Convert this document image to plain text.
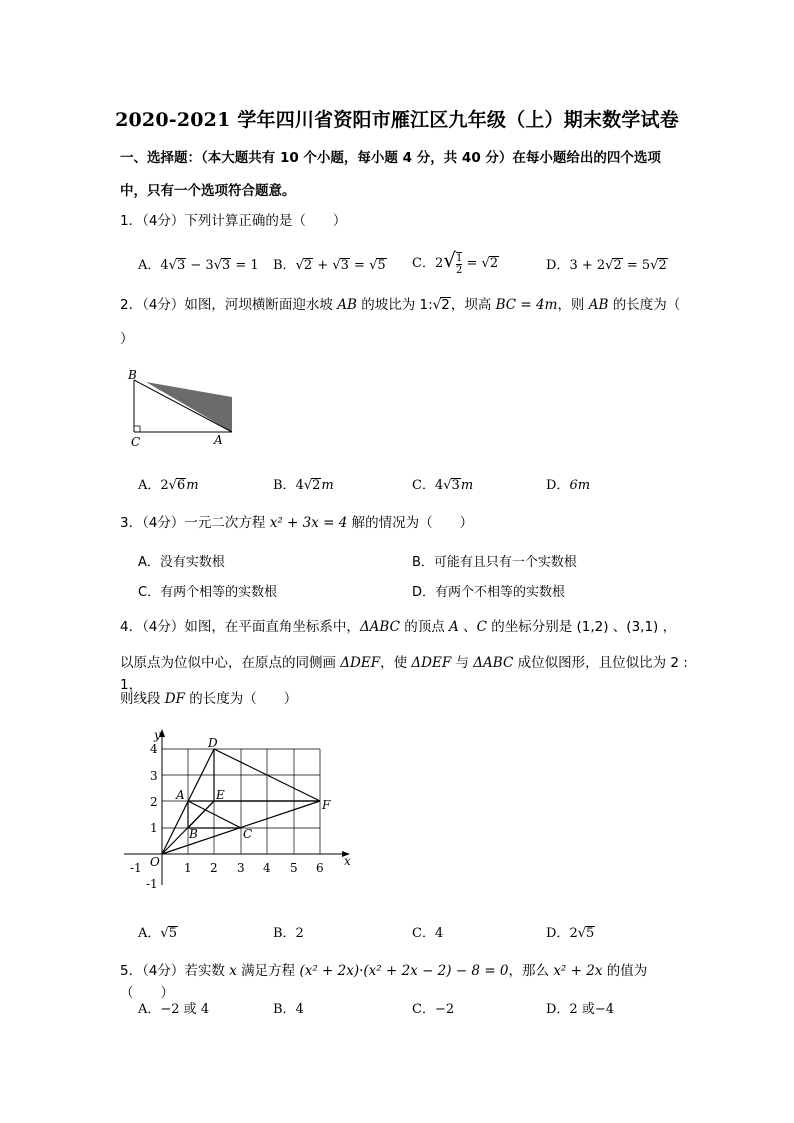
2020-2021 学年四川省资阳市雁江区九年级（上）期末数学试卷
一、选择题：（本大题共有 10 个小题，每小题 4 分，共 40 分）在每小题给出的四个选项
中，只有一个选项符合题意。
1．（4分）下列计算正确的是（　　）
A．4√3 − 3√3 = 1 B．√2 + √3 = √5 C．$2√ \frac{1}{2} = √2$	D．3 + 2√2 = 5√2
2．（4分）如图，河坝横断面迎水坡 AB 的坡比为 1:√2，坝高 BC = 4m，则 AB 的长度为（
）
B
C	A
A．2√6m	B．4√2m	C．4√3m	D．6m
3．（4分）一元二次方程 x² + 3x = 4 解的情况为（　　）
A．没有实数根	B．可能有且只有一个实数根
C．有两个相等的实数根	D．有两个不相等的实数根
4．（4分）如图，在平面直角坐标系中，ΔABC 的顶点 A 、C 的坐标分别是 (1,2) 、(3,1) ，
以原点为位似中心，在原点的同侧画 ΔDEF，使 ΔDEF 与 ΔABC 成位似图形，且位似比为 2 : 1，
则线段 DF 的长度为（　　）
y
x
O
-1	1 2 3 4 5 6
4
3
2
1
-1
D
A	E
F
B	C
A．√5	B．2	C．4	D．2√5
5．（4分）若实数 x 满足方程 (x² + 2x)·(x² + 2x − 2) − 8 = 0，那么 x² + 2x 的值为（　　）
A．−2 或 4	B．4	C．−2	D．2 或−4
